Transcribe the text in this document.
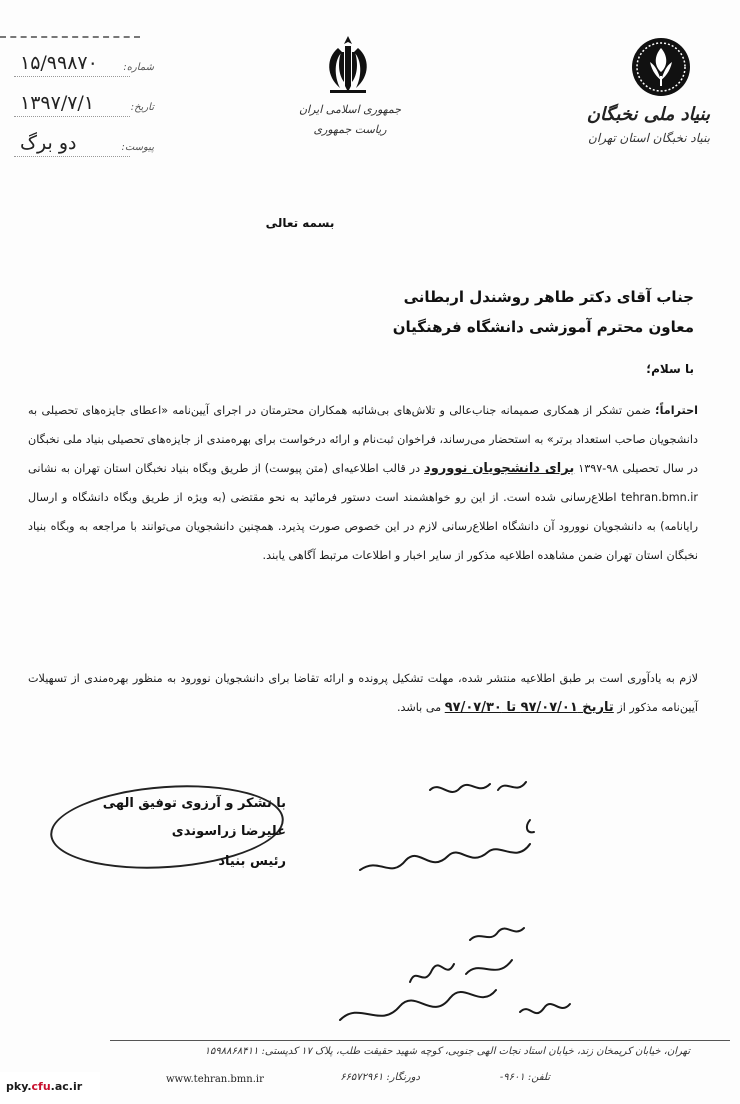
۱۵/۹۹۸۷۰	شماره:
۱۳۹۷/۷/۱	تاریخ:
دو برگ	پیوست:
جمهوری اسلامی ایران
ریاست جمهوری
بنیاد ملی نخبگان
بنیاد نخبگان استان تهران
بسمه تعالی
جناب آقای دکتر طاهر روشندل اربطانی
معاون محترم آموزشی دانشگاه فرهنگیان
با سلام؛
احتراماً؛ ضمن تشکر از همکاری صمیمانه جناب‌عالی و تلاش‌های بی‌شائبه همکاران محترمتان در اجرای آیین‌نامه «اعطای جایزه‌های تحصیلی به دانشجویان صاحب استعداد برتر» به استحضار می‌رساند، فراخوان ثبت‌نام و ارائه درخواست برای بهره‌مندی از جایزه‌های تحصیلی بنیاد ملی نخبگان در سال تحصیلی ۹۸-۱۳۹۷ برای دانشجویان نوورود در قالب اطلاعیه‌ای (متن پیوست) از طریق وبگاه بنیاد نخبگان استان تهران به نشانی tehran.bmn.ir اطلاع‌رسانی شده است. از این رو خواهشمند است دستور فرمائید به نحو مقتضی (به ویژه از طریق وبگاه دانشگاه و ارسال رایانامه) به دانشجویان نوورود آن دانشگاه اطلاع‌رسانی لازم در این خصوص صورت پذیرد. همچنین دانشجویان می‌توانند با مراجعه به وبگاه بنیاد نخبگان استان تهران ضمن مشاهده اطلاعیه مذکور از سایر اخبار و اطلاعات مرتبط آگاهی یابند.
لازم به یادآوری است بر طبق اطلاعیه منتشر شده، مهلت تشکیل پرونده و ارائه تقاضا برای دانشجویان نوورود به منظور بهره‌مندی از تسهیلات آیین‌نامه مذکور از تاریخ ۹۷/۰۷/۰۱ تا ۹۷/۰۷/۳۰ می باشد.
با تشکر و آرزوی توفیق الهی
علیرضا زراسوندی
رئیس بنیاد
تهران، خیابان کریمخان زند، خیابان استاد نجات الهی جنوبی، کوچه شهید حقیقت طلب، پلاک ۱۷ کدپستی: ۱۵۹۸۸۶۸۴۱۱
تلفن: ۹۶۰۱-
دورنگار: ۶۶۵۷۲۹۶۱
www.tehran.bmn.ir
pky.cfu.ac.ir
